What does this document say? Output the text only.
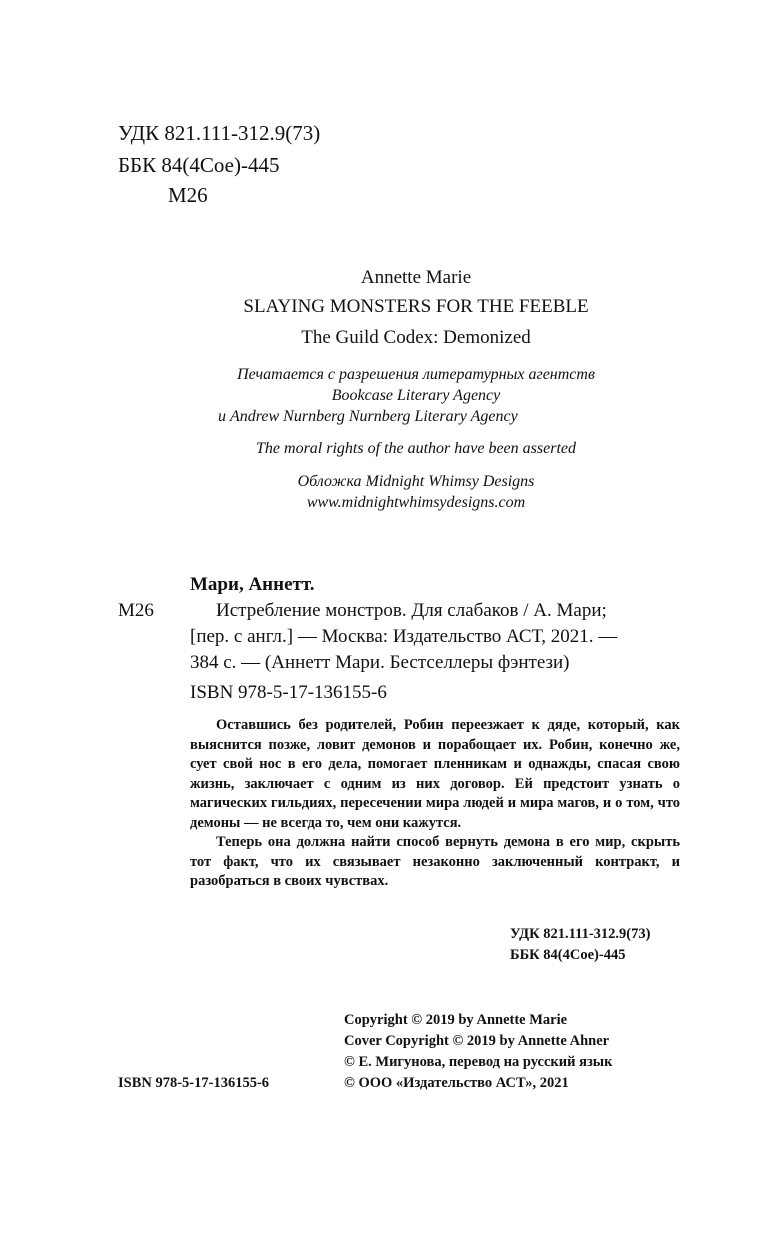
УДК 821.111-312.9(73)
ББК 84(4Сое)-445
М26
Annette Marie
SLAYING MONSTERS FOR THE FEEBLE
The Guild Codex: Demonized
Печатается с разрешения литературных агентств
Bookcase Literary Agency
и Andrew Nurnberg Nurnberg Literary Agency
The moral rights of the author have been asserted
Обложка Midnight Whimsy Designs
www.midnightwhimsydesigns.com
Мари, Аннетт.
М26	Истребление монстров. Для слабаков / А. Мари;
[пер. с англ.] — Москва: Издательство АСТ, 2021. —
384 с. — (Аннетт Мари. Бестселлеры фэнтези)
ISBN 978-5-17-136155-6

Оставшись без родителей, Робин переезжает к дяде, который, как выяснится позже, ловит демонов и порабощает их. Робин, конечно же, сует свой нос в его дела, помогает пленникам и однажды, спасая свою жизнь, заключает с одним из них договор. Ей предстоит узнать о магических гильдиях, пересечении мира людей и мира магов, и о том, что демоны — не всегда то, чем они кажутся.

Теперь она должна найти способ вернуть демона в его мир, скрыть тот факт, что их связывает незаконно заключенный контракт, и разобраться в своих чувствах.

УДК 821.111-312.9(73)
ББК 84(4Сое)-445
Copyright © 2019 by Annette Marie
Cover Copyright © 2019 by Annette Ahner
© Е. Мигунова, перевод на русский язык
© ООО «Издательство АСТ», 2021
ISBN 978-5-17-136155-6
